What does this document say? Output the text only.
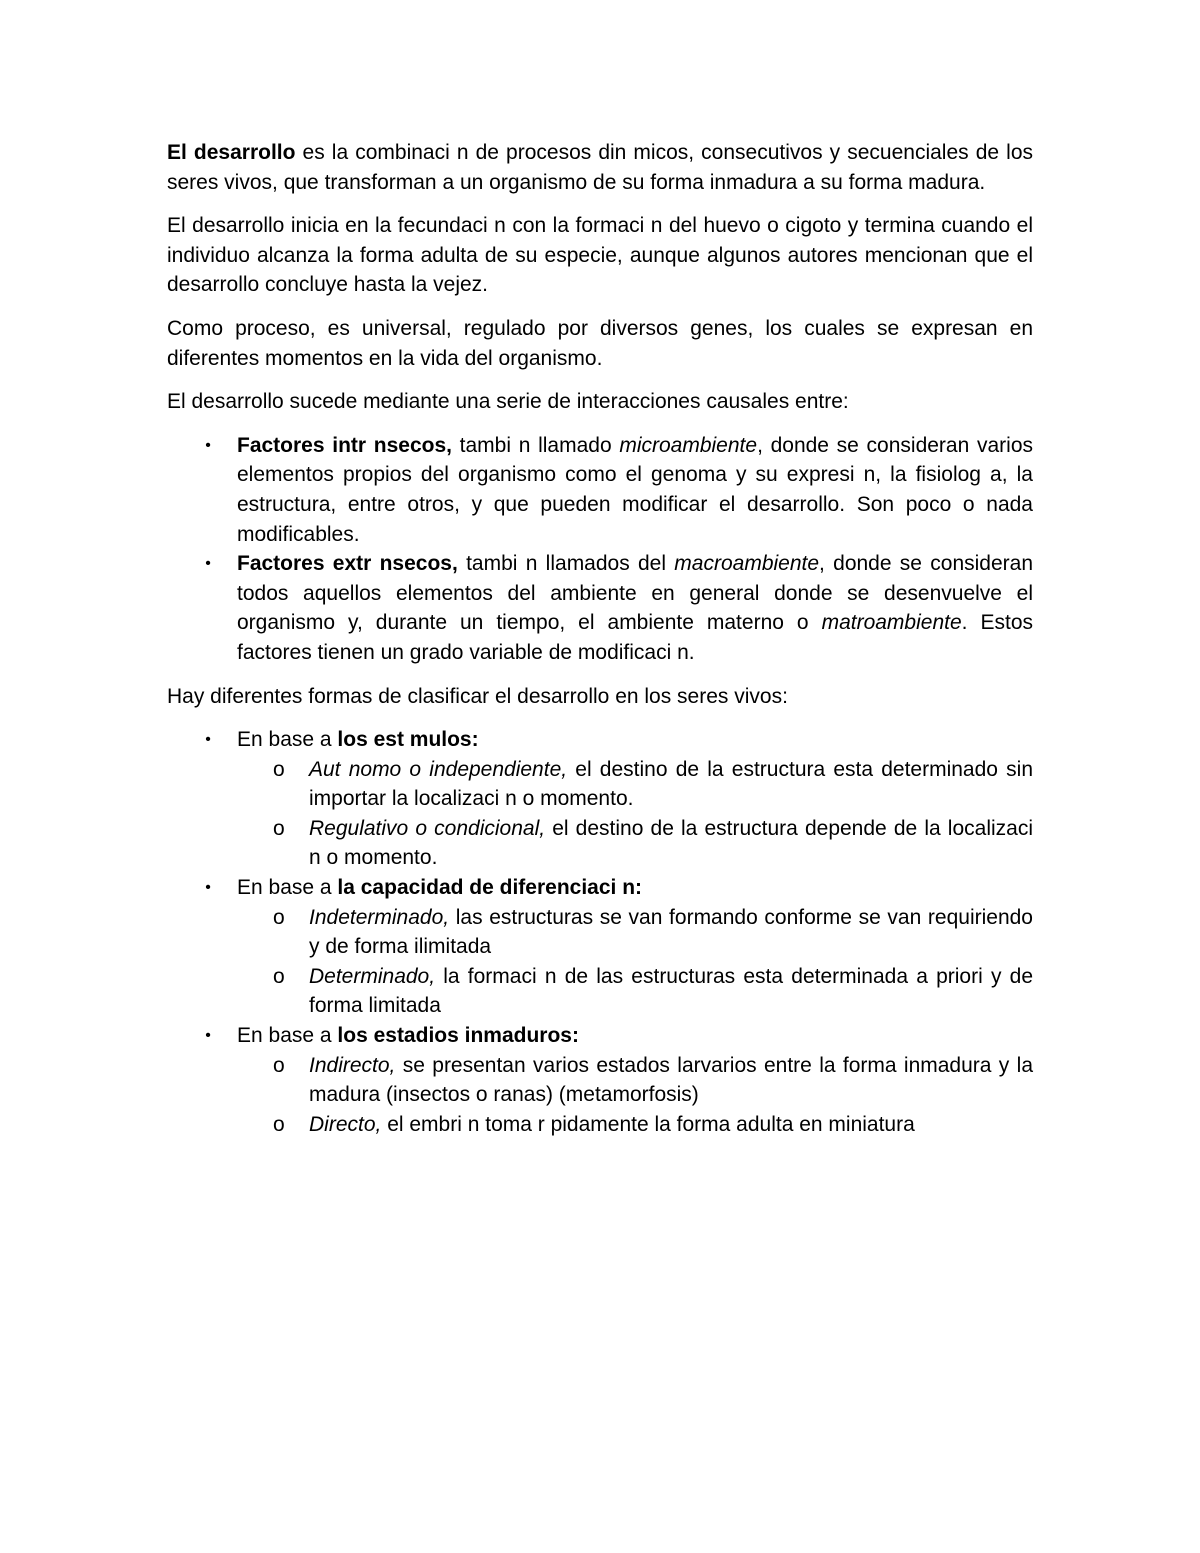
El desarrollo es la combinaci n de procesos din micos, consecutivos y secuenciales de los seres vivos, que transforman a un organismo de su forma inmadura a su forma madura.

El desarrollo inicia en la fecundaci n con la formaci n del huevo o cigoto y termina cuando el individuo alcanza la forma adulta de su especie, aunque algunos autores mencionan que el desarrollo concluye hasta la vejez.

Como proceso, es universal, regulado por diversos genes, los cuales se expresan en diferentes momentos en la vida del organismo.

El desarrollo sucede mediante una serie de interacciones causales entre:

• Factores intr nsecos, tambi n llamado microambiente, donde se consideran varios elementos propios del organismo como el genoma y su expresi n, la fisiolog a, la estructura, entre otros, y que pueden modificar el desarrollo. Son poco o nada modificables.
• Factores extr nsecos, tambi n llamados del macroambiente, donde se consideran todos aquellos elementos del ambiente en general donde se desenvuelve el organismo y, durante un tiempo, el ambiente materno o matroambiente. Estos factores tienen un grado variable de modificaci n.

Hay diferentes formas de clasificar el desarrollo en los seres vivos:

• En base a los est mulos:
o Aut nomo o independiente, el destino de la estructura esta determinado sin importar la localizaci n o momento.
o Regulativo o condicional, el destino de la estructura depende de la localizaci n o momento.
• En base a la capacidad de diferenciaci n:
o Indeterminado, las estructuras se van formando conforme se van requiriendo y de forma ilimitada
o Determinado, la formaci n de las estructuras esta determinada a priori y de forma limitada
• En base a los estadios inmaduros:
o Indirecto, se presentan varios estados larvarios entre la forma inmadura y la madura (insectos o ranas) (metamorfosis)
o Directo, el embri n toma r pidamente la forma adulta en miniatura
